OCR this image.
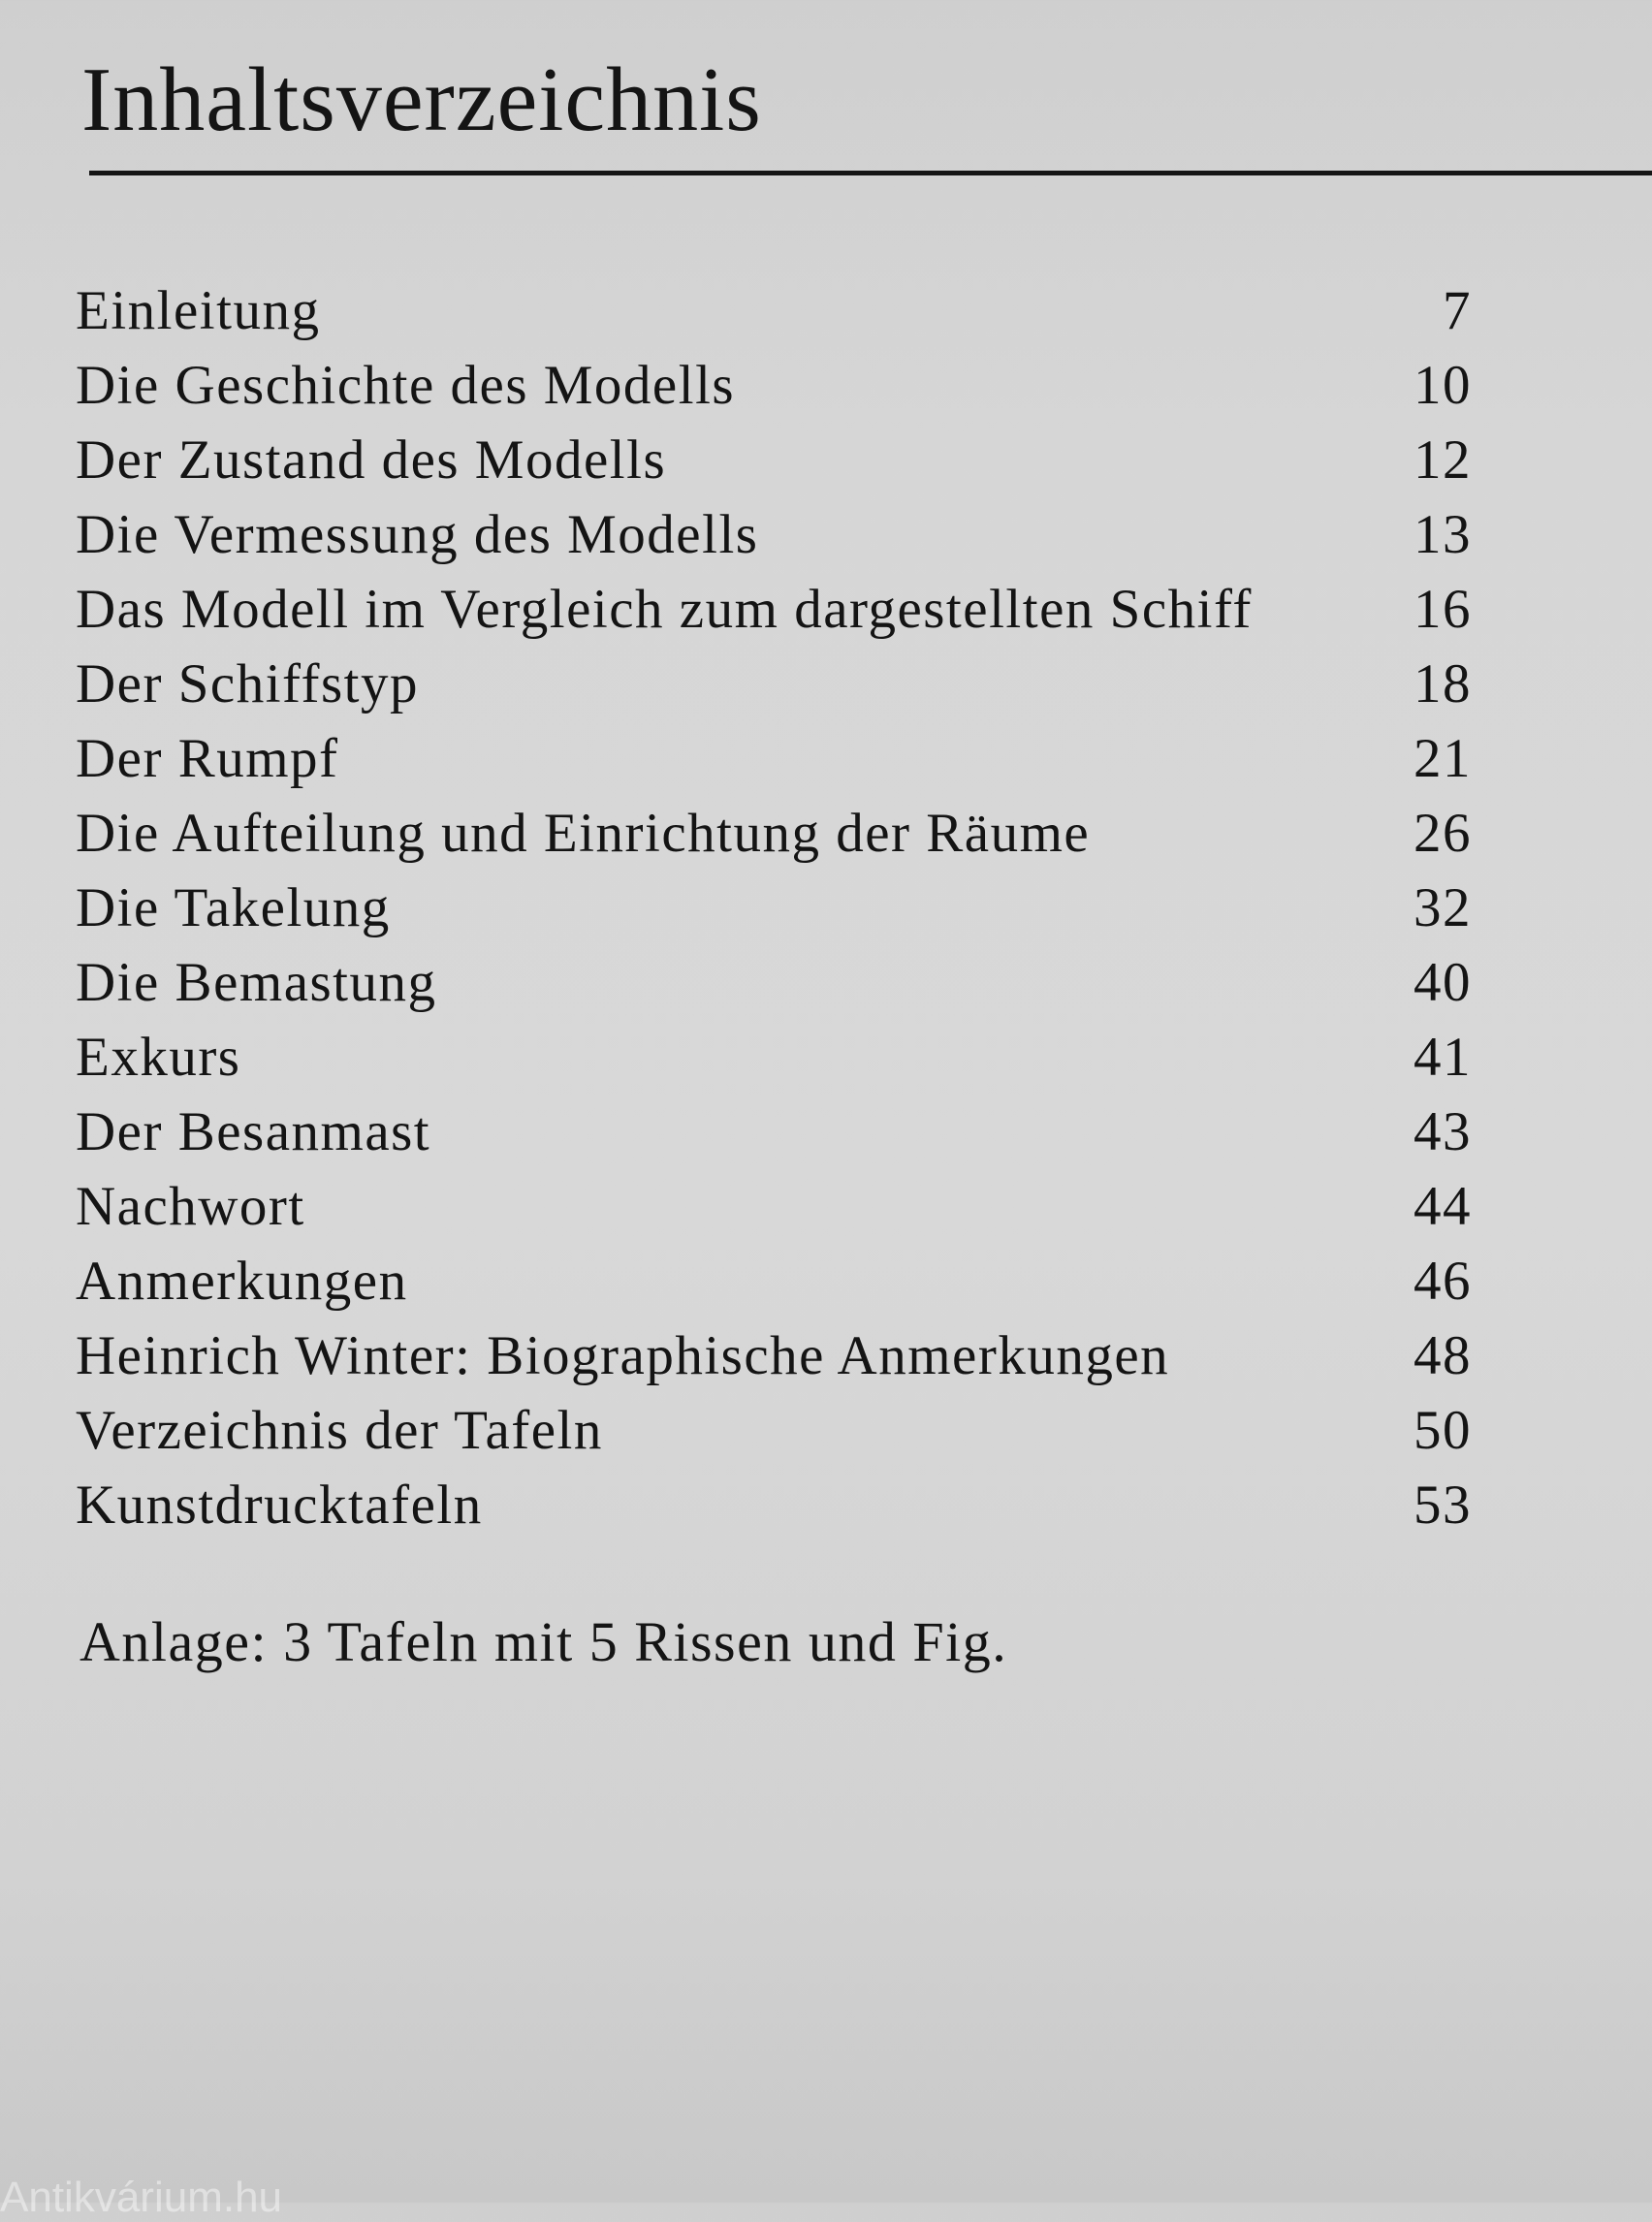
Inhaltsverzeichnis
Einleitung	7
Die Geschichte des Modells	10
Der Zustand des Modells	12
Die Vermessung des Modells	13
Das Modell im Vergleich zum dargestellten Schiff	16
Der Schiffstyp	18
Der Rumpf	21
Die Aufteilung und Einrichtung der Räume	26
Die Takelung	32
Die Bemastung	40
Exkurs	41
Der Besanmast	43
Nachwort	44
Anmerkungen	46
Heinrich Winter: Biographische Anmerkungen	48
Verzeichnis der Tafeln	50
Kunstdrucktafeln	53

Anlage: 3 Tafeln mit 5 Rissen und Fig.

Antikvárium.hu
